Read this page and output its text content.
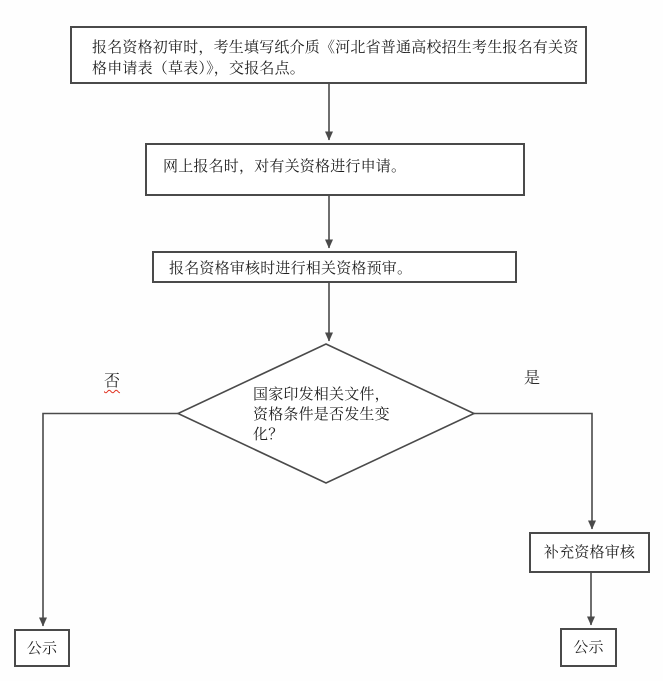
报名资格初审时，考生填写纸介质《河北省普通高校招生考生报名有关资格申请表（草表）》，交报名点。
网上报名时，对有关资格进行申请。
报名资格审核时进行相关资格预审。
国家印发相关文件，资格条件是否发生变化？
否	是
补充资格审核
公示	公示
